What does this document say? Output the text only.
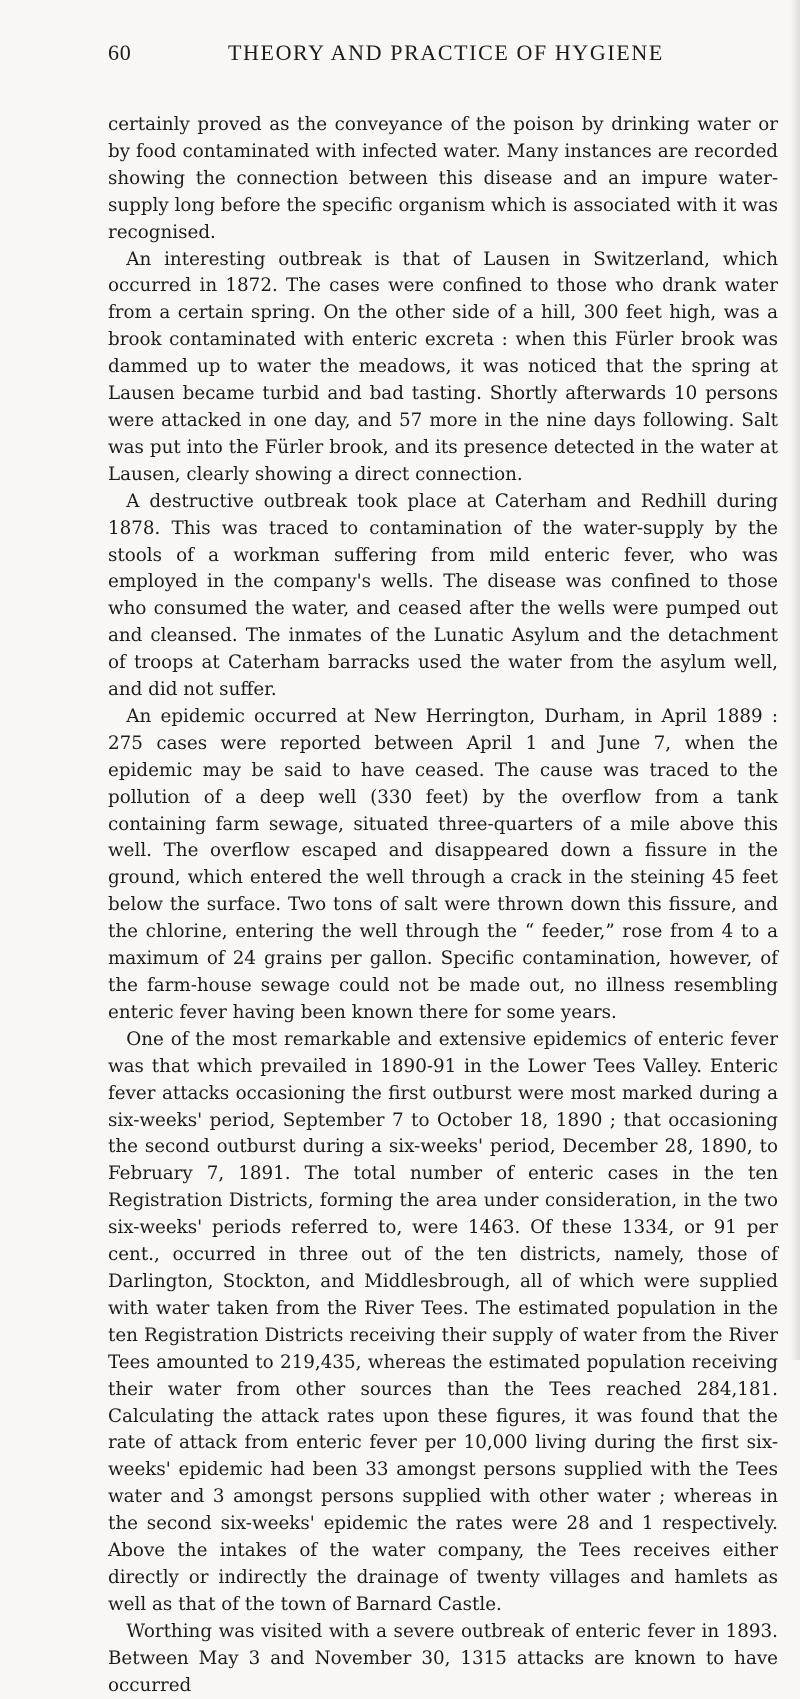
60	THEORY AND PRACTICE OF HYGIENE

certainly proved as the conveyance of the poison by drinking water or by food contaminated with infected water. Many instances are recorded showing the connection between this disease and an impure water-supply long before the specific organism which is associated with it was recognised.

An interesting outbreak is that of Lausen in Switzerland, which occurred in 1872. The cases were confined to those who drank water from a certain spring. On the other side of a hill, 300 feet high, was a brook contaminated with enteric excreta : when this Fürler brook was dammed up to water the meadows, it was noticed that the spring at Lausen became turbid and bad tasting. Shortly afterwards 10 persons were attacked in one day, and 57 more in the nine days following. Salt was put into the Fürler brook, and its presence detected in the water at Lausen, clearly showing a direct connection.

A destructive outbreak took place at Caterham and Redhill during 1878. This was traced to contamination of the water-supply by the stools of a workman suffering from mild enteric fever, who was employed in the company's wells. The disease was confined to those who consumed the water, and ceased after the wells were pumped out and cleansed. The inmates of the Lunatic Asylum and the detachment of troops at Caterham barracks used the water from the asylum well, and did not suffer.

An epidemic occurred at New Herrington, Durham, in April 1889 : 275 cases were reported between April 1 and June 7, when the epidemic may be said to have ceased. The cause was traced to the pollution of a deep well (330 feet) by the overflow from a tank containing farm sewage, situated three-quarters of a mile above this well. The overflow escaped and disappeared down a fissure in the ground, which entered the well through a crack in the steining 45 feet below the surface. Two tons of salt were thrown down this fissure, and the chlorine, entering the well through the “ feeder,” rose from 4 to a maximum of 24 grains per gallon. Specific contamination, however, of the farm-house sewage could not be made out, no illness resembling enteric fever having been known there for some years.

One of the most remarkable and extensive epidemics of enteric fever was that which prevailed in 1890-91 in the Lower Tees Valley. Enteric fever attacks occasioning the first outburst were most marked during a six-weeks' period, September 7 to October 18, 1890 ; that occasioning the second outburst during a six-weeks' period, December 28, 1890, to February 7, 1891. The total number of enteric cases in the ten Registration Districts, forming the area under consideration, in the two six-weeks' periods referred to, were 1463. Of these 1334, or 91 per cent., occurred in three out of the ten districts, namely, those of Darlington, Stockton, and Middlesbrough, all of which were supplied with water taken from the River Tees. The estimated population in the ten Registration Districts receiving their supply of water from the River Tees amounted to 219,435, whereas the estimated population receiving their water from other sources than the Tees reached 284,181. Calculating the attack rates upon these figures, it was found that the rate of attack from enteric fever per 10,000 living during the first six-weeks' epidemic had been 33 amongst persons supplied with the Tees water and 3 amongst persons supplied with other water ; whereas in the second six-weeks' epidemic the rates were 28 and 1 respectively. Above the intakes of the water company, the Tees receives either directly or indirectly the drainage of twenty villages and hamlets as well as that of the town of Barnard Castle.

Worthing was visited with a severe outbreak of enteric fever in 1893. Between May 3 and November 30, 1315 attacks are known to have occurred
